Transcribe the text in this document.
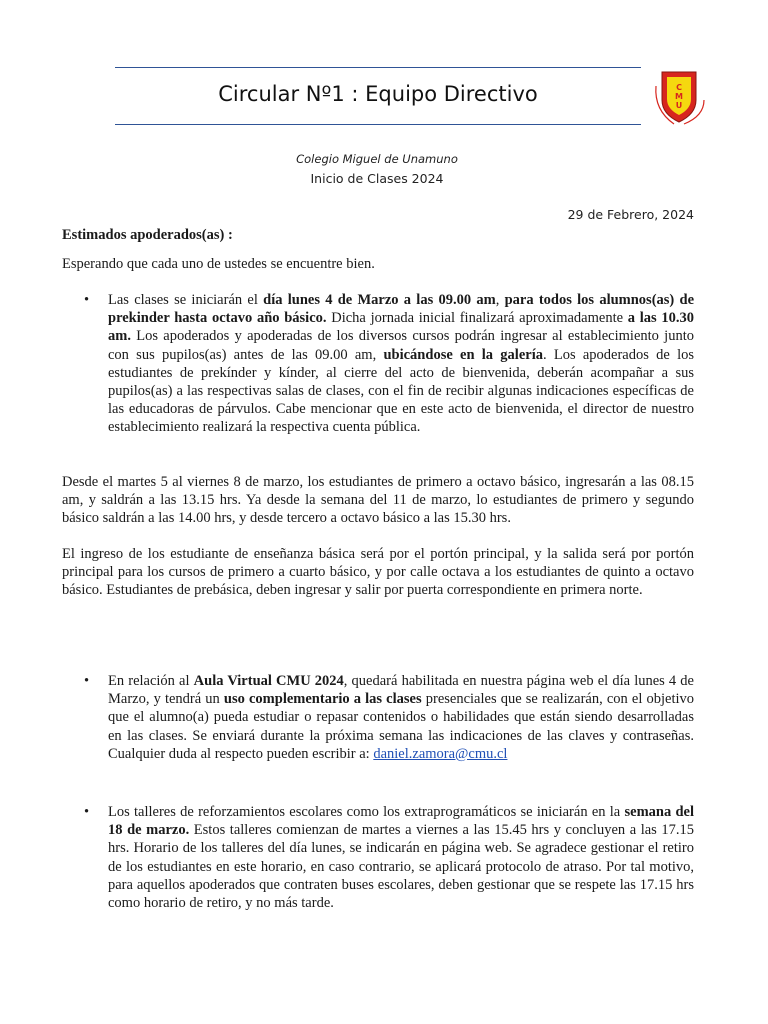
Circular Nº1 : Equipo Directivo	C
M
U
Colegio Miguel de Unamuno
Inicio de Clases 2024
29 de Febrero, 2024
Estimados apoderados(as) :
Esperando que cada uno de ustedes se encuentre bien.
•	Las clases se iniciarán el día lunes 4 de Marzo a las 09.00 am, para todos los alumnos(as) de prekinder hasta octavo año básico. Dicha jornada inicial finalizará aproximadamente a las 10.30 am. Los apoderados y apoderadas de los diversos cursos podrán ingresar al establecimiento junto con sus pupilos(as) antes de las 09.00 am, ubicándose en la galería. Los apoderados de los estudiantes de prekínder y kínder, al cierre del acto de bienvenida, deberán acompañar a sus pupilos(as) a las respectivas salas de clases, con el fin de recibir algunas indicaciones específicas de las educadoras de párvulos. Cabe mencionar que en este acto de bienvenida, el director de nuestro establecimiento realizará la respectiva cuenta pública.
Desde el martes 5 al viernes 8 de marzo, los estudiantes de primero a octavo básico, ingresarán a las 08.15 am, y saldrán a las 13.15 hrs. Ya desde la semana del 11 de marzo, lo estudiantes de primero y segundo básico saldrán a las 14.00 hrs, y desde tercero a octavo básico a las 15.30 hrs.
El ingreso de los estudiante de enseñanza básica será por el portón principal, y la salida será por portón principal para los cursos de primero a cuarto básico, y por calle octava a los estudiantes de quinto a octavo básico. Estudiantes de prebásica, deben ingresar y salir por puerta correspondiente en primera norte.
•	En relación al Aula Virtual CMU 2024, quedará habilitada en nuestra página web el día lunes 4 de Marzo, y tendrá un uso complementario a las clases presenciales que se realizarán, con el objetivo que el alumno(a) pueda estudiar o repasar contenidos o habilidades que están siendo desarrolladas en las clases. Se enviará durante la próxima semana las indicaciones de las claves y contraseñas. Cualquier duda al respecto pueden escribir a: daniel.zamora@cmu.cl
•	Los talleres de reforzamientos escolares como los extraprogramáticos se iniciarán en la semana del 18 de marzo. Estos talleres comienzan de martes a viernes a las 15.45 hrs y concluyen a las 17.15 hrs. Horario de los talleres del día lunes, se indicarán en página web. Se agradece gestionar el retiro de los estudiantes en este horario, en caso contrario, se aplicará protocolo de atraso. Por tal motivo, para aquellos apoderados que contraten buses escolares, deben gestionar que se respete las 17.15 hrs como horario de retiro, y no más tarde.
